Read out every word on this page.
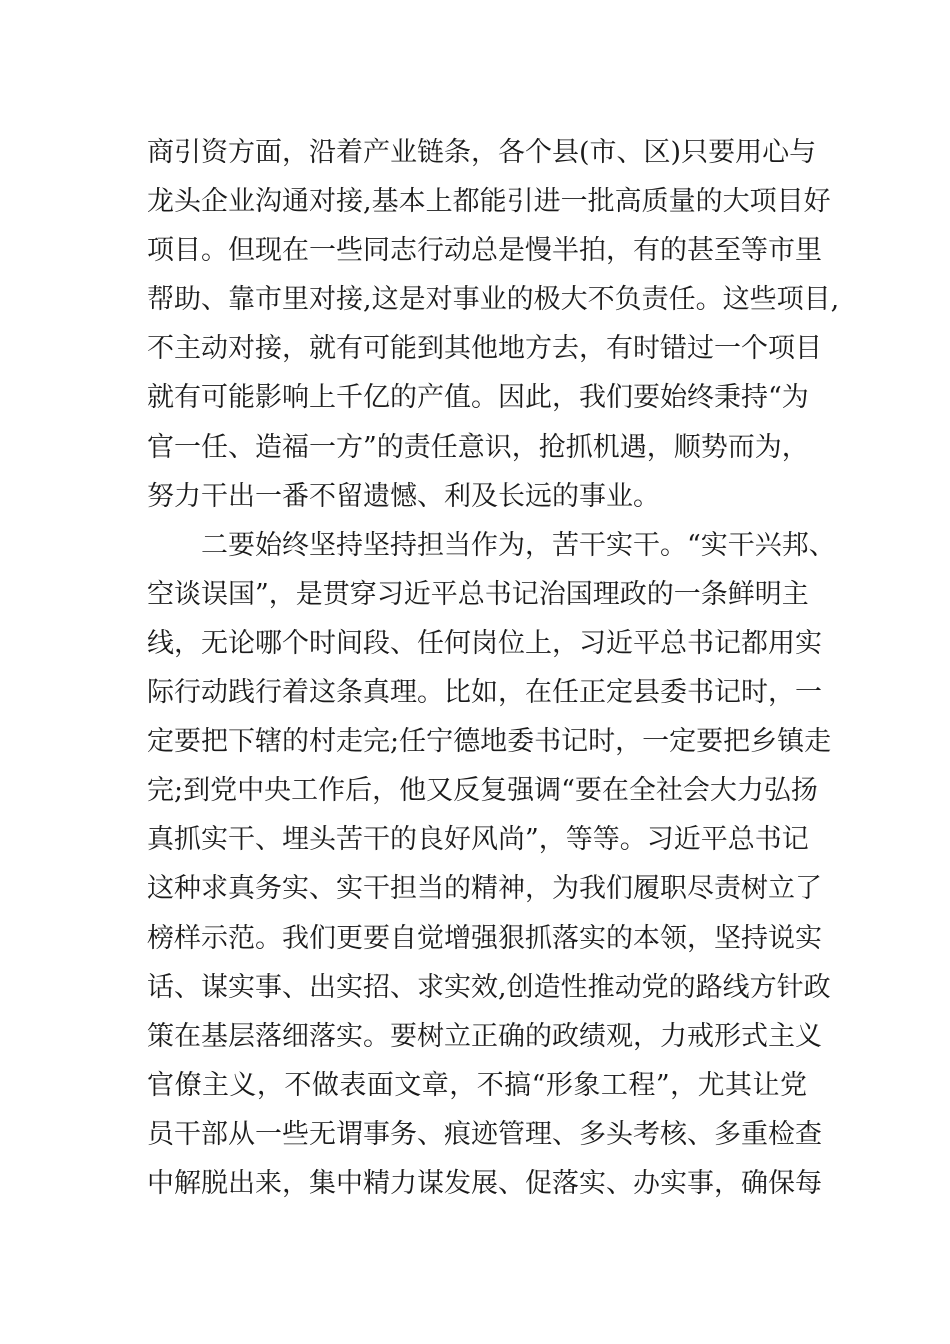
商引资方面，沿着产业链条，各个县(市、区)只要用心与
龙头企业沟通对接,基本上都能引进一批高质量的大项目好
项目。但现在一些同志行动总是慢半拍，有的甚至等市里
帮助、靠市里对接,这是对事业的极大不负责任。这些项目,
不主动对接，就有可能到其他地方去，有时错过一个项目
就有可能影响上千亿的产值。因此，我们要始终秉持“为
官一任、造福一方”的责任意识，抢抓机遇，顺势而为，
努力干出一番不留遗憾、利及长远的事业。
二要始终坚持坚持担当作为，苦干实干。“实干兴邦、
空谈误国”，是贯穿习近平总书记治国理政的一条鲜明主
线，无论哪个时间段、任何岗位上，习近平总书记都用实
际行动践行着这条真理。比如，在任正定县委书记时，一
定要把下辖的村走完;任宁德地委书记时，一定要把乡镇走
完;到党中央工作后，他又反复强调“要在全社会大力弘扬
真抓实干、埋头苦干的良好风尚”，等等。习近平总书记
这种求真务实、实干担当的精神，为我们履职尽责树立了
榜样示范。我们更要自觉增强狠抓落实的本领，坚持说实
话、谋实事、出实招、求实效,创造性推动党的路线方针政
策在基层落细落实。要树立正确的政绩观，力戒形式主义
官僚主义，不做表面文章，不搞“形象工程”，尤其让党
员干部从一些无谓事务、痕迹管理、多头考核、多重检查
中解脱出来，集中精力谋发展、促落实、办实事，确保每
